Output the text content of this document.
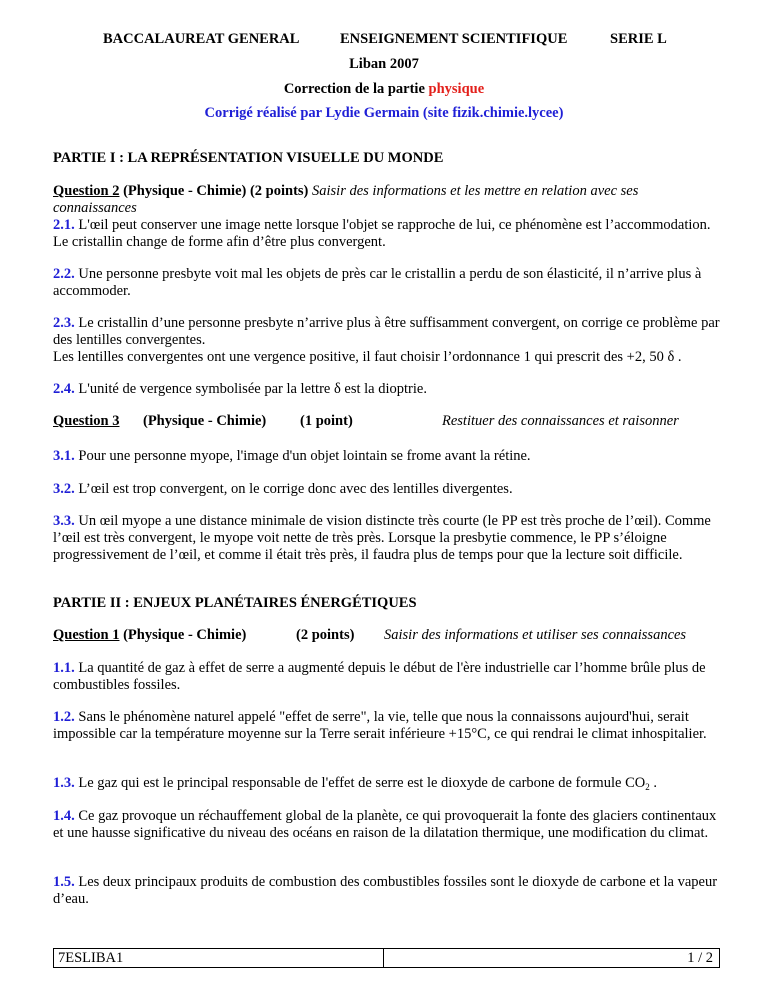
BACCALAUREAT GENERAL	ENSEIGNEMENT SCIENTIFIQUE	SERIE L
Liban 2007
Correction de la partie physique
Corrigé réalisé par Lydie Germain (site fizik.chimie.lycee)
PARTIE I : LA REPRÉSENTATION VISUELLE DU MONDE
Question 2 (Physique - Chimie) (2 points) Saisir des informations et les mettre en relation avec ses connaissances
2.1. L'œil peut conserver une image nette lorsque l'objet se rapproche de lui, ce phénomène est l’accommodation. Le cristallin change de forme afin d’être plus convergent.
2.2. Une personne presbyte voit mal les objets de près car le cristallin a perdu de son élasticité, il n’arrive plus à accommoder.
2.3. Le cristallin d’une personne presbyte n’arrive plus à être suffisamment convergent, on corrige ce problème par des lentilles convergentes.
Les lentilles convergentes ont une vergence positive, il faut choisir l’ordonnance 1 qui prescrit des +2, 50 δ .
2.4. L'unité de vergence symbolisée par la lettre δ est la dioptrie.
Question 3 (Physique - Chimie) (1 point)	Restituer des connaissances et raisonner
3.1. Pour une personne myope, l'image d'un objet lointain se frome avant la rétine.
3.2. L’œil est trop convergent, on le corrige donc avec des lentilles divergentes.
3.3. Un œil myope a une distance minimale de vision distincte très courte (le PP est très proche de l’œil). Comme l’œil est très convergent, le myope voit nette de très près. Lorsque la presbytie commence, le PP s’éloigne progressivement de l’œil, et comme il était très près, il faudra plus de temps pour que la lecture soit difficile.
PARTIE II : ENJEUX PLANÉTAIRES ÉNERGÉTIQUES
Question 1 (Physique - Chimie)	(2 points) Saisir des informations et utiliser ses connaissances
1.1. La quantité de gaz à effet de serre a augmenté depuis le début de l'ère industrielle car l’homme brûle plus de combustibles fossiles.
1.2. Sans le phénomène naturel appelé "effet de serre", la vie, telle que nous la connaissons aujourd'hui, serait impossible car la température moyenne sur la Terre serait inférieure +15°C, ce qui rendrai le climat inhospitalier.
1.3. Le gaz qui est le principal responsable de l'effet de serre est le dioxyde de carbone de formule $CO_2$ .
1.4. Ce gaz provoque un réchauffement global de la planète, ce qui provoquerait la fonte des glaciers continentaux et une hausse significative du niveau des océans en raison de la dilatation thermique, une modification du climat.
1.5. Les deux principaux produits de combustion des combustibles fossiles sont le dioxyde de carbone et la vapeur d’eau.
7ESLIBA1	1 / 2
